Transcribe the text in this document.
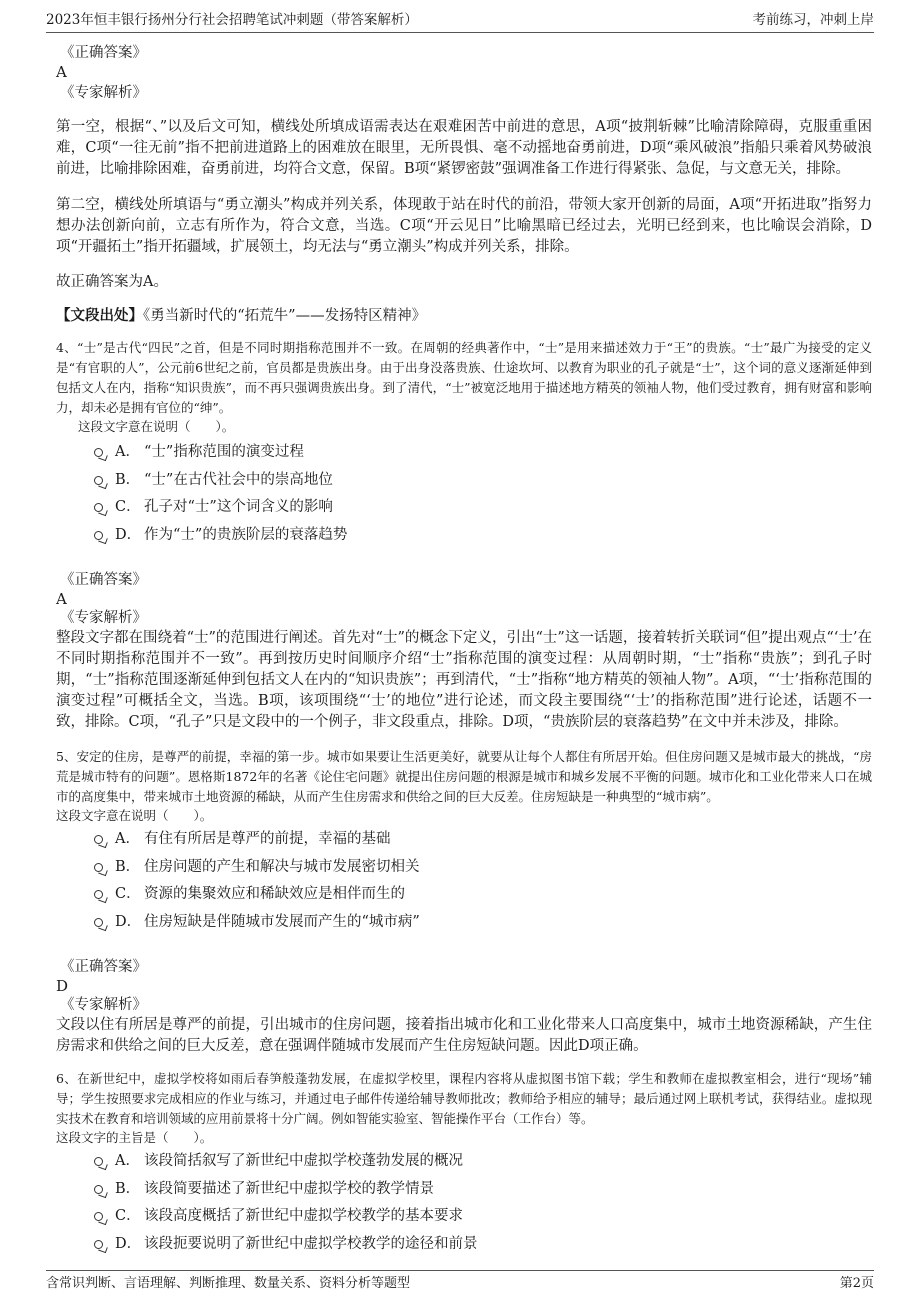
2023年恒丰银行扬州分行社会招聘笔试冲刺题（带答案解析）	考前练习，冲刺上岸
《正确答案》
A
《专家解析》

第一空，根据“、”以及后文可知，横线处所填成语需表达在艰难困苦中前进的意思，A项“披荆斩棘”比喻清除障碍，克服重重困难，C项“一往无前”指不把前进道路上的困难放在眼里，无所畏惧、毫不动摇地奋勇前进，D项“乘风破浪”指船只乘着风势破浪前进，比喻排除困难，奋勇前进，均符合文意，保留。B项“紧锣密鼓”强调准备工作进行得紧张、急促，与文意无关，排除。

第二空，横线处所填语与“勇立潮头”构成并列关系，体现敢于站在时代的前沿，带领大家开创新的局面，A项“开拓进取”指努力想办法创新向前，立志有所作为，符合文意，当选。C项“开云见日”比喻黑暗已经过去，光明已经到来，也比喻误会消除，D项“开疆拓土”指开拓疆域，扩展领土，均无法与“勇立潮头”构成并列关系，排除。

故正确答案为A。

【文段出处】《勇当新时代的“拓荒牛”——发扬特区精神》

4、“士”是古代“四民”之首，但是不同时期指称范围并不一致。在周朝的经典著作中，“士”是用来描述效力于“王”的贵族。“士”最广为接受的定义是“有官职的人”，公元前6世纪之前，官员都是贵族出身。由于出身没落贵族、仕途坎坷、以教育为职业的孔子就是“士”，这个词的意义逐渐延伸到包括文人在内，指称“知识贵族”，而不再只强调贵族出身。到了清代，“士”被宽泛地用于描述地方精英的领袖人物，他们受过教育，拥有财富和影响力，却未必是拥有官位的“绅”。

这段文字意在说明（　　）。
A． “士”指称范围的演变过程
B． “士”在古代社会中的崇高地位
C． 孔子对“士”这个词含义的影响
D． 作为“士”的贵族阶层的衰落趋势
《正确答案》
A
《专家解析》

整段文字都在围绕着“士”的范围进行阐述。首先对“士”的概念下定义，引出“士”这一话题，接着转折关联词“但”提出观点“‘士’在不同时期指称范围并不一致”。再到按历史时间顺序介绍“士”指称范围的演变过程：从周朝时期，“士”指称“贵族”；到孔子时期，“士”指称范围逐渐延伸到包括文人在内的“知识贵族”；再到清代，“士”指称“地方精英的领袖人物”。A项，“‘士’指称范围的演变过程”可概括全文，当选。B项，该项围绕“‘士’的地位”进行论述，而文段主要围绕“‘士’的指称范围”进行论述，话题不一致，排除。C项，“孔子”只是文段中的一个例子，非文段重点，排除。D项，“贵族阶层的衰落趋势”在文中并未涉及，排除。

5、安定的住房，是尊严的前提，幸福的第一步。城市如果要让生活更美好，就要从让每个人都住有所居开始。但住房问题又是城市最大的挑战，“房荒是城市特有的问题”。恩格斯1872年的名著《论住宅问题》就提出住房问题的根源是城市和城乡发展不平衡的问题。城市化和工业化带来人口在城市的高度集中，带来城市土地资源的稀缺，从而产生住房需求和供给之间的巨大反差。住房短缺是一种典型的“城市病”。

这段文字意在说明（　　）。
A． 有住有所居是尊严的前提，幸福的基础
B． 住房问题的产生和解决与城市发展密切相关
C． 资源的集聚效应和稀缺效应是相伴而生的
D． 住房短缺是伴随城市发展而产生的“城市病”
《正确答案》
D
《专家解析》

文段以住有所居是尊严的前提，引出城市的住房问题，接着指出城市化和工业化带来人口高度集中，城市土地资源稀缺，产生住房需求和供给之间的巨大反差，意在强调伴随城市发展而产生住房短缺问题。因此D项正确。

6、在新世纪中，虚拟学校将如雨后春笋般蓬勃发展，在虚拟学校里，课程内容将从虚拟图书馆下载；学生和教师在虚拟教室相会，进行“现场”辅导；学生按照要求完成相应的作业与练习，并通过电子邮件传递给辅导教师批改；教师给予相应的辅导；最后通过网上联机考试，获得结业。虚拟现实技术在教育和培训领域的应用前景将十分广阔。例如智能实验室、智能操作平台（工作台）等。

这段文字的主旨是（　　）。
A． 该段简括叙写了新世纪中虚拟学校蓬勃发展的概况
B． 该段简要描述了新世纪中虚拟学校的教学情景
C． 该段高度概括了新世纪中虚拟学校教学的基本要求
D． 该段扼要说明了新世纪中虚拟学校教学的途径和前景
含常识判断、言语理解、判断推理、数量关系、资料分析等题型	第2页
